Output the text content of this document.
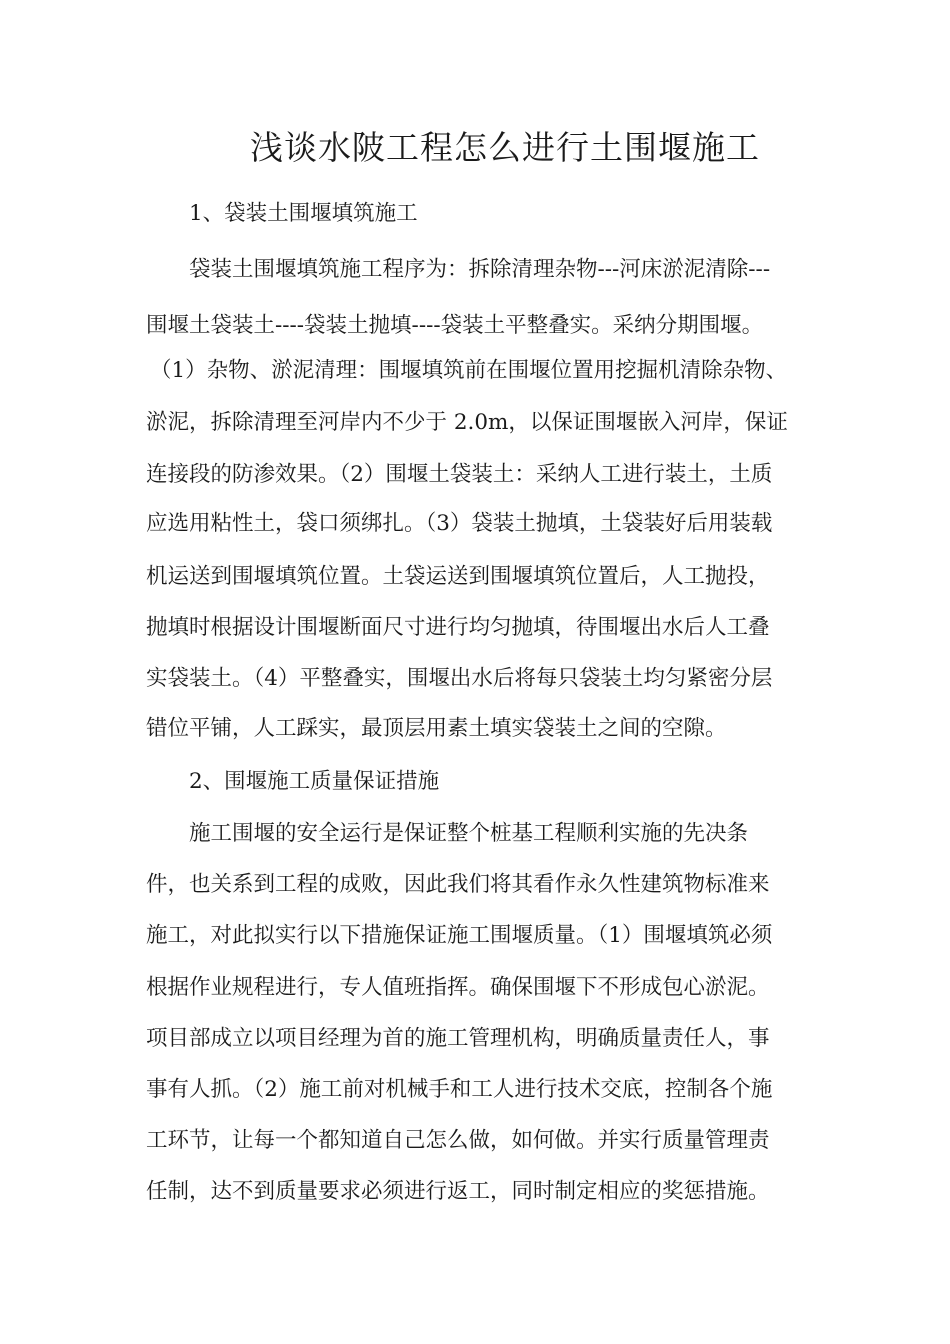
浅谈水陂工程怎么进行土围堰施工
1、袋装土围堰填筑施工
袋装土围堰填筑施工程序为：拆除清理杂物---河床淤泥清除---
围堰土袋装土----袋装土抛填----袋装土平整叠实。采纳分期围堰。
（1）杂物、淤泥清理：围堰填筑前在围堰位置用挖掘机清除杂物、
淤泥，拆除清理至河岸内不少于 2.0m，以保证围堰嵌入河岸，保证
连接段的防渗效果。（2）围堰土袋装土：采纳人工进行装土，土质
应选用粘性土，袋口须绑扎。（3）袋装土抛填，土袋装好后用装载
机运送到围堰填筑位置。土袋运送到围堰填筑位置后，人工抛投，
抛填时根据设计围堰断面尺寸进行均匀抛填，待围堰出水后人工叠
实袋装土。（4）平整叠实，围堰出水后将每只袋装土均匀紧密分层
错位平铺，人工踩实，最顶层用素土填实袋装土之间的空隙。
2、围堰施工质量保证措施
施工围堰的安全运行是保证整个桩基工程顺利实施的先决条
件，也关系到工程的成败，因此我们将其看作永久性建筑物标准来
施工，对此拟实行以下措施保证施工围堰质量。（1）围堰填筑必须
根据作业规程进行，专人值班指挥。确保围堰下不形成包心淤泥。
项目部成立以项目经理为首的施工管理机构，明确质量责任人，事
事有人抓。（2）施工前对机械手和工人进行技术交底，控制各个施
工环节，让每一个都知道自己怎么做，如何做。并实行质量管理责
任制，达不到质量要求必须进行返工，同时制定相应的奖惩措施。
